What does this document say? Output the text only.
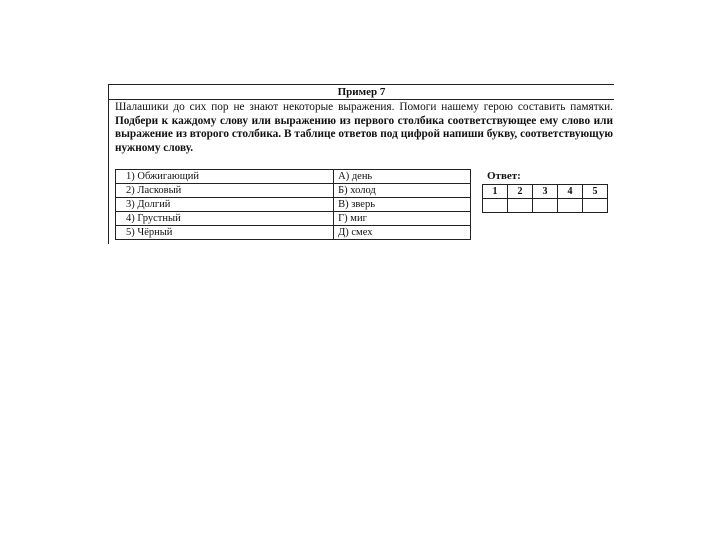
Пример 7
Шалашики до сих пор не знают некоторые выражения. Помоги нашему герою составить памятки. Подбери к каждому слову или выражению из первого столбика соответствующее ему слово или выражение из второго столбика. В таблице ответов под цифрой напиши букву, соответствующую нужному слову.
1) Обжигающий	А) день
2) Ласковый	Б) холод
3) Долгий	В) зверь
4) Грустный	Г) миг
5) Чёрный	Д) смех
Ответ:
1	2	3	4	5
